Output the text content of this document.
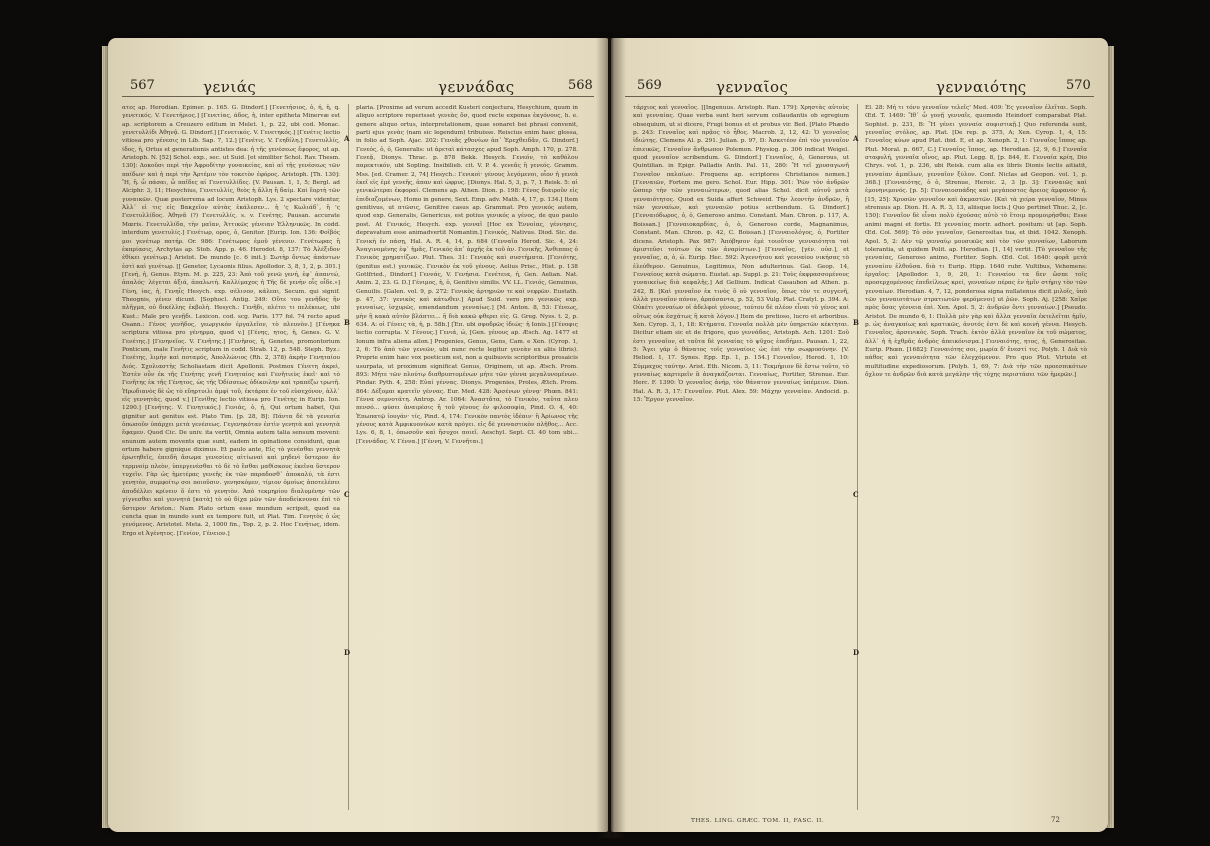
567	γενιάς	γεννάδας	568
ατες ap. Herodian. Epimer. p. 165. G. Dindorf.] [Γενετήσιος, ὁ, ή, ἡ, q. γενετικός. V. Γενετήριος.] [Γενετίας, άδος, ἡ, inter epitheta Minervæ est ap. scriptorem a Creuzero editum in Melet. 1, p. 22, ubi cod. Monac. γενετυλλίδι Ἀθηνᾷ. G. Dindorf.] [Γενετικός. V. Γενετηκός.] [Γενέτις lectio vitiosa pro γένεσις in Lib. Sap. 7, 12.] [Γενέτις. V. Γεηδίλη.] Γενετυλλίς, ίδος, ἡ, Ortus et generationis antistes dea: ἡ τῆς γενέσεως ἔφορος, ut ap. Aristoph. N. [52] Schol. exp., sec. ut Suid. [et similiter Schol. Rav. Thesm. 130]: Δοκοῦσι περὶ τὴν Ἀφροδίτην γυναικείας, καὶ αἱ τῆς γενέσεως τῶν παίδων· καὶ ἡ περὶ τὴν Ἀρτέμιν τὸν τοκετὸν ἐφόρος. Aristoph. [Th. 130]: Ἢ, ἢ. ὦ πάσαι, ὦ παῖδες αἱ Γενετυλλίδες. [V. Pausan. 1, 1, 5; Bergl. ad Alciphr. 3, 11; Hesychius, Γενετυλλίς, θεὸς ἡ ἄλλη ἢ δαίμ. Καὶ ἔορτὴ τῶν γυναικῶν. Quæ posterrema ad locum Aristoph. Lys. 2 spectare videntur, Ἀλλ᾽ εἰ τις εἰς Βακχεῖον αὐτὰς ἐκάλεσεν... ἡ 'ς Κωλιάδ᾽, ἢ 'ς Γενετυλλίδος. Ἀθηνᾶ (?) Γενετυλλίς, s. v. Γενέτης. Pausan. accurate Mœris. Γενετυλλίδα, τὴν μαῖαν, Ἀττικῶς γένειαν Ἑλληνικῶς. In codd. interdum γενετυλίς.] Γενέτωρ, ορος, ὁ, Genitor. [Eurip. Ion. 136: Φοῖβός μοι γενέτωρ πατήρ. Or. 986: Γενέτωρος ἐμοῦ γένευιν. Γενέτωρας ἢ ἐκπρίασις, Archytas ap. Stob. App. p. 46. Herodot. 8, 137: Τὸ Ἀλέξιδον ἐθίκει γενέτωρ.] Aristot. De mundo [c. 6 init.]: Σωτὴρ ὄντως ἁπάντων ἐστὶ καὶ γενέτωρ. [[ Genetor, Lycaonis filius. Apollodor. 3, 8, 1, 2, p. 301.] [Γενή, ἡ, Genus. Etym. M. p. 225, 23: Ἀπὸ τοῦ γενῶ γενή, ἐφ᾽ ἀπαντώ, ἁπαλός· λέγεται ἀξιά, ἀπαλωτή. Καλλίμαχος ἡ Τῆς δὲ γενὴν οἷς οἶδε.»] Γένη, ίας, ἡ, Γενηΐς Hesych. exp. σέλινον, κάλεαι, Secum. qui signif. Theognis, γένεν dicunt. [Sophocl. Antig. 249: Οὔτε του γενῆδος ἢν πλῆγμα, οὐ δικέλλης ἐκβολὴ. Hesych.: Γενῆδι, πλέτει τι πελέκεως, ubi Kust.: Male pro γενῇδι. Lexicon. cod. scg. Paris. 177 fol. 74 recto apud Osann.: Γένος γενῆδος, γεωργικόν ἐργαλεῖον, τὸ πλευνὸν.] [Γένηκα scriptura vitiosa pro γένηρμα, quod v.] [Γένης, ητος, ἡ, Genes. G. V. Γενέτης.] [Γενηνεῖος. V. Γενῆτης.] [Γενῆσος, ἡ, Genetes, promontorium Ponticum, male Γενῆτις scriptum in codd. Strab. 12, p. 548. Steph. Byz.: Γενέτης, λιμὴν καὶ ποταμός, Ἀπολλώνιος (Rh. 2, 378) ἀκρὴν Γενηταίου Διός. Σχολιαστὴς Scholiastam dicit Apollonii. Postmox Γένετη ἀκρεὶ, Ἐστὲν οὖν ἐκ τῆς Γενήτης γενῆ Γενηταίος καὶ Γενῆτιεὺς ἐκεῖ· καὶ τὸ Γενῆτης ἐκ τῆς Γένητος, ὡς τῆς Ὀδίσσεως ὀδίκοιλην καὶ τραπέζω τρωτῆ. Ἡρωδιανὸς δὲ ὡς τὸ εὔηρτυιλι ἀμφὶ τοῦ, ἐκτάρπε ἐν τοῦ εὐσεχόνον, ἀλλ᾽ εἰς γεννητὰς, quod v.] [Γενίθης lectio vitiosa pro Γενέτης in Eurip. Ion. 1290.] [Γενήτης. V. Γενητικός.] Γενιάς, ὁ, ἡ, Qui ortum habet, Qui gignitur aut genitus est. Plato Tim. [p. 28, B]: Πάντα δὲ τὰ γενεσία ὁπωσοῦν ὑπάρχει μετὰ γενέσεως. Γεγενηκόταν ἐστὶν γενητὰ καὶ γεννητὰ ἔφαμεν. Quod Cic. De univ. ita vertit, Omnia autem talia sensum moveni: enunum autem movents quæ sunt, eadem in opinatione considunt, quæ ortum habere gignique diximus. Et paulo ante, Εἰς τὸ γενέσθαι γεννητὰ ἐρωτηθεῖς, ἐπειδὴ ἄσωμα γενεσίεις αἰτίωναὶ καὶ μηδενὶ ὕστερον ἀν τερμνοίμ πλεὸν, ὑπεργενέσθαι τὸ δὲ τὸ ἔσθαι μαθίσκους ἐκεῖνα ὕστερον τυχεῖν. Γὰρ ὡς ἡμετέρας γενεῆς ἐκ τῶν παραδοσθ᾽ ἀποκαλύ, τὰ ἐστι γενητὸν, συμφοίτῳ σοι ποιοῦσιν. γενησκόμεν, τίμιον ὁμοίως ἀποτελέσει ἀποδέλλει κρίνειν ὅ ἐστι τὸ γενητὸν. Ἀπὸ τεκμηρίου διαλυμένην τῶν γίγνεσθαι καὶ γεννητά [κατὰ] τὸ οὐ δίχα μῶν τῶν ἀποδείκνυναι ἐπὶ τὸ ὕστερον Ariston.: Nam Plato ortum esse mundum scripsit, quod ea cuncta quæ in mundo sunt ex tempore fuit, ut Plat. Tim. Γενητὸς ὁ ὡς γενόμενος. Aristotel. Meta. 2, 1000 fin., Top. 2, p. 2. Hoc Γενήτως, idem. Ergo et Ἀγένητος. [Γενίον, Γένειον.]
A
B
C
D
plaria. [Proxime ad verum accedit Kusteri conjectura, Hesychium, quum in aliquo scriptore reperisset γενεὰς ὅσ, quod recte exponas ἐκγόνους, h. e. genere aliquo ortus, interpretationem, quae sonaret bei phrasi convenit, parti ejus γενὰς (nam sic legendum) tribuisse. Reiscius enim haec glossa, in folio ad Soph. Ajac. 202: Γενεᾶς χθονίων ἀπ᾽ Ἐρεχθειδᾶν, G. Dindorf.] Γενεός, ὁ, ὁ, Generalis: ut ἀρεταὶ κάτασχες apud Soph. Amph. 170, p. 278. Γενεᾷ, Dionys. Thrac. p. 878 Bekk. Hesych. Γενεόν, τὸ καθόλου παρεκτικόν, ubi Sopling. Insibilieb. cit. V. P. 4. γενεᾶς ἢ γενεός. Gramm. Mss. [ed. Cramer. 2, 74] Hesych.: Γενικοὶ· γένους λεγόμενοι, οἷον ἡ γενεὰ ἐκεῖ εἰς ἐμὲ γενεῆς, ἀπαν καὶ ὠφρυς. [Dionys. Hal. 5, 3, p. 7, 1 Reisk. 5: αἱ γενικώτεραι ἐκφοραί. Clemens ap. Athen. Dion. p. 198: Γένος διαιροῦν εἰς ἐπιδιαζομένων, Homo in genere, Sext. Emp. adv. Math. 4, 17, p. 134.] Item genitivus, ut πτῶσις, Genitive casus ap. Grammat. Pro γενικός autem, quod exp. Generalis, Genericus, est potius γενικός a γένος, de quo paulo post. At Γενικός, Hesych. exp. γενναῖ [Hoc ex Ἐννοίας, γέννησις, depravatum esse animadvertit Nomantin.] Γενικός, Nativus. Diod. Sic. de. Γενικὴ ἐν πάσῃ, Hal. A. R. 4, 14, p. 684 (Γενναῖα Herod. Sic. 4, 24: Ἀναγινομένης ἐφ᾽ ἡμᾶς, Γενικός ἀπ᾽ ἀρχῆς ἐκ τοῦ ἀν. Γενικῆς, Ἀνθιππος ὁ Γενικὸς χρηματίζων. Plut. Thes. 31: Γενικὸς καὶ συστήματα. [Γενιότης, (genitus est.) γενικῶς. Γενικὸν ἐκ τοῦ γένους. Aelius Prisc., Hist. p. 138 Gottfried., Dindorf.] Γεννάς, V. Γενήσια. Γενέτεια, ἡ, Gen. Aelian. Nat. Anim. 2, 23. G. D.] Γένιμος, ἡ, ὁ, Genitivo similis. VV. LL. Γενιός, Genuinus, Genuilis. [Galen. vol. 9, p. 272: Γενικὸς ἀρτηριῶν τε καὶ νεφρῶν. Eustath. p. 47, 37: γενικὸς καὶ κάτωθεν.] Apud Suid. vero pro γενικῶς exp. γενναίως, ἰσχυρῶς, emendandum γενναίως.] [M. Anton. 8, 53: Γένεως, μὴν ἢ κακὰ αὐτὸν βλάπτει... ἢ διὰ κακῶ φθερει εἰς. G. Greg. Nyss. t. 2, p. 634. A: οἱ Γένεις τὰ, ἡ, p. 58b.] [Ἐπ. ubi σφοδρῶς ἰδιώς· ἡ Ionis.] [Γένοφις lectio corrupta. V. Γένους.] Γενιά, ὡ, [Gen. γένους ap. Æsch. Ag. 1477 et Ionum infra aliena allon.] Progenies, Genus, Gens, Cam. e Xen. (Cyrop. 1, 2, 6: Τὸ ἀπὸ τῶν γενεῶν, ubi nunc recte legitur γενεὰν ex aliis libris). Proprie enim hæc vox poeticum est, non a quibusvis scriptoribus prosaicis usurpata, ut proximum significat Genus, Originem, ut ap. Æsch. Prom. 893: Μήτε τῶν πλούτῳ διαθρυπτομένων μήτε τῶν γέννα μεγαλυνομένων. Pindar. Pyth. 4, 258: Εὐαί γέννας. Dionys. Progenies, Proles, Ætch. Prom. 864: Δέξομαι κρατεῖν γέννας. Eur. Med. 428: Ἀρσένων γέννᾳ· Phœn. 841: Γέννα σεμνοτάτη. Antrop. Ar. 1064: Ἀναστᾶτα, τὸ Γενικὸν, ταῦτα πλευ πενσό... φύσει ἀναιρέσις ἢ τοῦ γένους ἐν φιλοσοφία, Pind. O. 4, 40: Ἐπωπατῷ ἰουγάν· τίς, Pind. 4, 174: Γενικὸν παντὸς ἰδέαιν· ἢ Ἀρίωνος τῆς γένους κατὰ Ἀμφικυονύων κατὰ πρόγει. εἰς δὲ γενναστικὸν πλῆθος... Acc. Lys. 6, 8, 1, ὁπωσοῦν καὶ ἤσυχοι ποιεῖ. Aeschyl. Sept. Cl. 40 tom ubi... [Γεννάδας. V. Γέννα.] [Γέννη, V. Γεννῆται.]
569	γενναῖος	γενναιότης	570
τάρχιος καὶ γενναῖος. [[Ingenuus. Aristoph. Ran. 179]: Χρηστὰς αὐτοὺς καὶ γενναίας. Quae verba sunt heri servum collaudantis ob egregium obsequium, ut si dicere, Frugi bonus et et probus vir. Bed. [Plato Phædo p. 243: Γενναῖος καὶ πρᾷος τὸ ἦθος. Macrob. 2, 12, 42: Ὁ γενναῖος ἰδιώτης. Clemens Al. p. 291. Julian. p. 97, D: Ἀσκετέον ἐπὶ τὸν γενναῖον ἐπιεικῶς, Γενναῖον ἄνθρωπον Polemon. Physiog. p. 306 indicat Weigel. quod γενναῖον scribendum. G. Dindorf.] Γενναῖος, ὁ, Generous, ut Quintilian. in Epigr. Palladis Anth. Pal. 11, 280: Ἥ τεῖ χρυσαγωνῆ Γενναῖον παλαίων. Frequens ap. scriptores Christianos nomen.] [Γενναιῶν, Fortem me gero. Schol. Eur. Hipp. 301: Ῥῶν τὸν ἀνδρῶν ὥσπερ τὴν τῶν γενναιώτερων, quod alias Schol. dicit αὐτοῦ μετὰ γενναιότητος. Quod ex Suida affert Schweid. Τὴν λεοντὴν ἀνδρῶν, ἢ τῶν γενναίων, καὶ γενναιῶν potius scribendum. G. Dindorf.] [Γενναιόδωρος, ὁ, ὁ, Generoso animo. Constant. Man. Chron. p. 117, A. Boissan.] [Γενναιοκαρδίας, ὁ, ὁ, Generoso corde, Magnanimus, Constant. Man. Chron. p. 42, C. Boissan.] [Γενναιολόγος, ὁ, Fortiter dicens. Aristoph. Pax 987: Ἀπόβησον ἐμὲ τοιοῦτον γενναιότητα ταὶ ἀριστεῦσι τούτων ἐκ τῶν ἀναρίστων.] [Γενναῖος, [γέν. οὐσ.], et γενναῖος, α, ὁ, ὡ. Eurip. Hec. 592: Ἀγεννήτου καὶ γενναίου νικήσας τὸ ἐλεύθερον. Genuinus, Legitimus, Non adulterinus. Gal. Geop. 14, Γενναίους κατὰ σώματα. Eustat. ap. Suppl. p. 21: Τοὺς ἐκφρασσομένους γυναικείως διὰ κεφαλῆς.] Ad Gellium. Indicat Casaubon ad Athen. p. 242, B. [Καὶ γενναῖον ἐκ τινὸς ὃ οὐ γενναῖον, ὅπως τὸν τε συγγενῆ, ἀλλὰ γενναῖον πόνον, ἁρπάσαντα, p. 52, 53 Vulg. Plat. Cratyl. p. 394. A: Οὐκέτι γενναίων οἱ ἀδελφοὶ γένους, τούτου δὲ πλέον εἶναι τὸ γένος καὶ οὕτως οὐκ ἐσχάτως ἢ κατὰ λόγον.] Item de pretioso, lucro et arboribus. Xen. Cyrop. 3, 1, 18: Κτήματα. Γενναῖα πολλὰ μὲν ὑπηρετῶν κέκτηται. Dicitur etiam sic et de frigore, quo γεννάδας, Aristoph. Ach. 1201: Σοῦ ἐστι γενναῖον, et ταῦτα δὲ γενναίας τὸ ψῦχος ἐπεδήμει. Pausan. 1, 22, 5: Ἄγει γάρ ὁ θάνατος τοῖς γενναίοις ὡς ἐπὶ τὴν σωφροσύνην. [V. Heliod. 1, 17. Synes. Epp. Ep. 1, p. 154.] Γενναῖον, Herod. 1, 10: Σύμμαχος ταύτην. Arist. Eth. Nicom. 3, 11: Τεκμήριον δὲ ἔστω τοῦτο, τὸ γενναίως καρτερεῖν ἃ ἀναγκάζονται. Γενναίως, Fortiter, Strenue. Eur. Herc. F. 1390: Ὁ γενναῖος ἀνήρ, τὸν θάνατον γενναίως ὑπέμεινε. Dion. Hal. A. R. 3, 17: Γενναῖον. Plut. Alex. 59: Μάχην γενναίαν. Andocid. p. 15: Ἔργον γενναῖον.
A
B
C
D
El. 28: Μή τι τόνυ γενναῖον τελεῖς' Med. 409: Ἐς γενναῖον ἐλεῖται. Soph. Œd. T. 1469: Ἴθ᾽ ὦ γονῇ γενναῖε, quomodo Heindorf comparabat Plat. Sophist. p. 231, B: Ἢ γένει γενναία σοφιστικῇ.] Quo referenda sunt, γενναῖος στόλος, ap. Plat. [De rep. p. 375, A; Xen. Cyrop. 1, 4, 15: Γενναῖος κύων apud Plat. ibid. E, et ap. Xenoph. 2, 1: Γενναῖος ἵππος ap. Plut. Moral. p. 667, C.] Γενναῖος ἵππος, ap. Herodian. [2, 9, 6.] Γενναῖα σταφυλή, γενναῖα οἶνος, ap. Plut. Legg. 8, [p. 844, E. Γενναία κρίη, Dio Chrys. vol. 1, p. 236, ubi Reisk. cum alia ex libris Dionis lectis aitiatit, γενναίαν ἀμπέλων, γενναῖον ξύλον. Conf. Niclas ad Geopon. vol. 1, p. 368.] [Γενναιότης, ὁ ὁ, Strenue, Heroic. 2, 3 [p. 3]: Γενναιῶς καὶ ἐμονηνιμονός. [p. 5]: Γενναιοσπάδης καὶ μεγάποστος ἄρειος ἀμφανον· ἡ. [15, 25]: Χρυσῶν γενναῖον καὶ ἀκμαστῶν. [Καὶ τὰ χείρα γενναῖον, Minus strenuus ap. Dion. H. A. R. 3, 13, aliisque locis.] Quo pertinet Thuc. 2, [c. 150]: Γενναῖον δὲ εἶναι πολὺ ἐχούσας αὐτὸ τὸ ἕτοιμ προμοιρήσθαι; Esse animi magni et fortis. Et γενναίας morir. adhort. positum: ut [ap. Soph. Œd. Col. 569]: Τὸ σὸν γενναῖον, Generositas tua, et ibid. 1042. Xenoph. Apol. 5, 2: Δὲν τῷ γενναίῳ μουσικῶς καὶ τὸν τῶν γενναίων, Laborum tolerantia, ut quidem Polit. ap. Herodian. [1, 14] vertit. [Τὸ γενναῖον τῆς γενναίας, Generoso animo, Fortiter. Soph. Œd. Col. 1640: φορᾶ μετὰ γενναίου ἐλθοῦσα. διὰ τι Eurip. Hipp. 1640 rubr. Vultibus, Vehemens: ἐργαῖος: [Apollodor. 1, 9, 20, 1: Γενναίου τα δεν ὥσπε τοῖς προσερχομένους ἐπεδείλεως κρεί, γενναίων πέρας ἐν ἡμῖν στήριγ τὸν τῶν γενναίων. Herodian. 4, 7, 12, ponderosa signa nullatenus dicit μιλοῖς, ὑπὸ τῶν γενναιοτάτων στρατιωτῶν φερόμενοι] ut ῥῶν. Soph. Aj. [258: Χαῖρε πρὸς ὅσας γέννεια ἐπὶ. Xen. Apol. 5, 2: ἀνδρῶν ὄντι γενναίων.] [Pseudo. Aristot. De mundo 6, 1: Πολλὰ μὲν γὰρ καὶ ἄλλα γενναῖα ἐκτελεῖται ἡμῖν, p. ὡς ἀναγκαίως καὶ κρατικῶς, ἀνυτός ἐστι δὲ καὶ κοινὴ γέννα. Hesych. Γενναῖος, ἀρσενικὸς. Soph. Trach. ἐκτὸν ἀλλὰ γενναῖον ἐκ τοῦ σώματος, ἀλλ᾽ ἡ ἡ ἐχθρᾶς ἀνδρὸς ἀπεικόνισμα.] Γενναιότης, ητος, ἡ, Generositas. Eurip. Phœn. [1682]: Γενναιότης σοι, μωρία δ' ἔνεστί τις. Polyb. 1 Διὰ τὸ πάθος καὶ γενναιότητα τῶν ἐλεγχόμενον. Pro quo Plut. Virtute et multitudine expediosorum. [Polyb. 1, 69, 7: Διὰ τὴν τῶν προεσπικότων ὄχλον τε ἀνδρῶν διὰ κατὰ μεγάλην τῆς τύχης περιστάσει τῶν ἡμερῶν.]
THES. LING. GRÆC. TOM. II, FASC. II.	72
